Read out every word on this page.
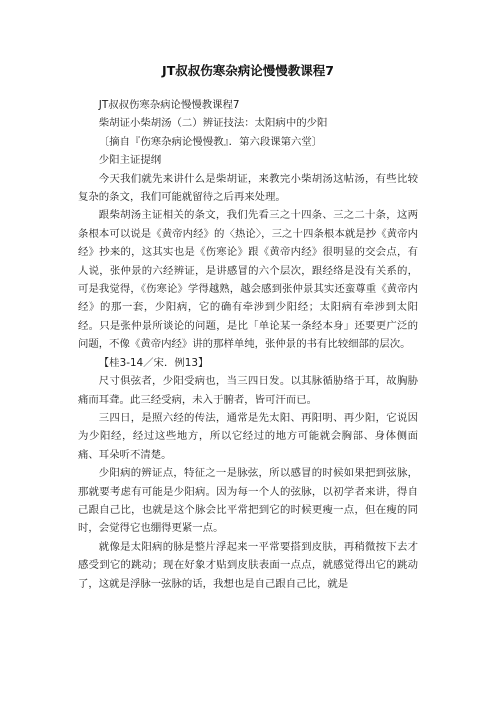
JT叔叔伤寒杂病论慢慢教课程7

JT叔叔伤寒杂病论慢慢教课程7

柴胡证小柴胡汤（二）辨证技法：太阳病中的少阳

〔摘自『伤寒杂病论慢慢教』．第六段课第六堂〕

少阳主证提纲

今天我们就先来讲什么是柴胡证，来教完小柴胡汤这帖汤，有些比较复杂的条文，我们可能就留待之后再来处理。

跟柴胡汤主证相关的条文，我们先看三之十四条、三之二十条，这两条根本可以说是《黄帝内经》的〈热论〉，三之十四条根本就是抄《黄帝内经》抄来的，这其实也是《伤寒论》跟《黄帝内经》很明显的交会点，有人说，张仲景的六经辨证，是讲感冒的六个层次，跟经络是没有关系的，可是我觉得，《伤寒论》学得越熟，越会感到张仲景其实还蛮尊重《黄帝内经》的那一套，少阳病，它的确有牵涉到少阳经；太阳病有牵涉到太阳经。只是张仲景所谈论的问题，是比「单论某一条经本身」还要更广泛的问题，不像《黄帝内经》讲的那样单纯，张仲景的书有比较细部的层次。

【桂3-14／宋．例13】

尺寸俱弦者，少阳受病也，当三四日发。以其脉循胁络于耳，故胸胁痛而耳聋。此三经受病，未入于腑者，皆可汗而已。

三四日，是照六经的传法，通常是先太阳、再阳明、再少阳，它说因为少阳经，经过这些地方，所以它经过的地方可能就会胸部、身体侧面痛、耳朵听不清楚。

少阳病的辨证点，特征之一是脉弦，所以感冒的时候如果把到弦脉，那就要考虑有可能是少阳病。因为每一个人的弦脉，以初学者来讲，得自己跟自己比，也就是这个脉会比平常把到它的时候更瘦一点，但在瘦的同时，会觉得它也绷得更紧一点。

就像是太阳病的脉是整片浮起来一平常要搭到皮肤，再稍微按下去才感受到它的跳动；现在好象才贴到皮肤表面一点点，就感觉得出它的跳动了，这就是浮脉一弦脉的话，我想也是自己跟自己比，就是
